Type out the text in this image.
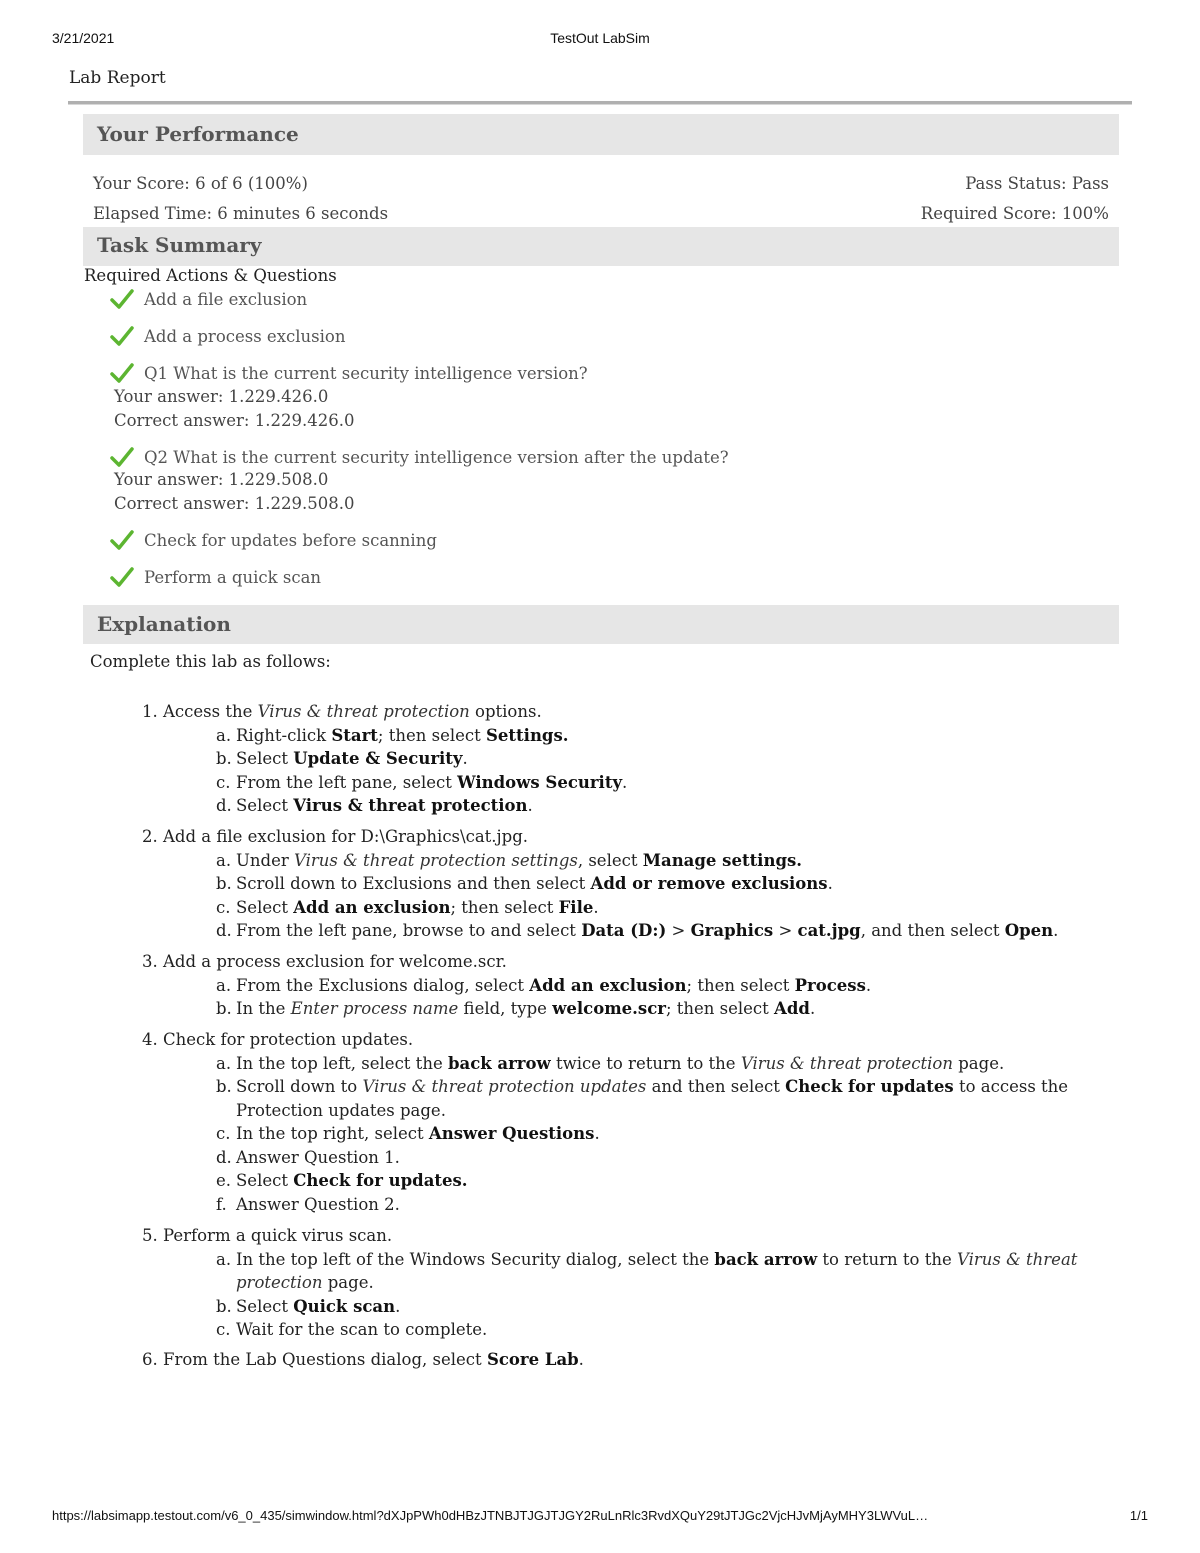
3/21/2021	TestOut LabSim
Lab Report
Your Performance
Your Score: 6 of 6 (100%)	Pass Status: Pass
Elapsed Time: 6 minutes 6 seconds	Required Score: 100%
Task Summary
Required Actions & Questions
Add a file exclusion
Add a process exclusion
Q1 What is the current security intelligence version?
Your answer: 1.229.426.0
Correct answer: 1.229.426.0
Q2 What is the current security intelligence version after the update?
Your answer: 1.229.508.0
Correct answer: 1.229.508.0
Check for updates before scanning
Perform a quick scan
Explanation
Complete this lab as follows:
1. Access the Virus & threat protection options.
a. Right-click Start; then select Settings.
b. Select Update & Security.
c. From the left pane, select Windows Security.
d. Select Virus & threat protection.
2. Add a file exclusion for D:\Graphics\cat.jpg.
a. Under Virus & threat protection settings, select Manage settings.
b. Scroll down to Exclusions and then select Add or remove exclusions.
c. Select Add an exclusion; then select File.
d. From the left pane, browse to and select Data (D:) > Graphics > cat.jpg, and then select Open.
3. Add a process exclusion for welcome.scr.
a. From the Exclusions dialog, select Add an exclusion; then select Process.
b. In the Enter process name field, type welcome.scr; then select Add.
4. Check for protection updates.
a. In the top left, select the back arrow twice to return to the Virus & threat protection page.
b. Scroll down to Virus & threat protection updates and then select Check for updates to access the
Protection updates page.
c. In the top right, select Answer Questions.
d. Answer Question 1.
e. Select Check for updates.
f. Answer Question 2.
5. Perform a quick virus scan.
a. In the top left of the Windows Security dialog, select the back arrow to return to the Virus & threat
protection page.
b. Select Quick scan.
c. Wait for the scan to complete.
6. From the Lab Questions dialog, select Score Lab.
https://labsimapp.testout.com/v6_0_435/simwindow.html?dXJpPWh0dHBzJTNBJTJGJTJGY2RuLnRlc3RvdXQuY29tJTJGc2VjcHJvMjAyMHY3LWVuL…	1/1
